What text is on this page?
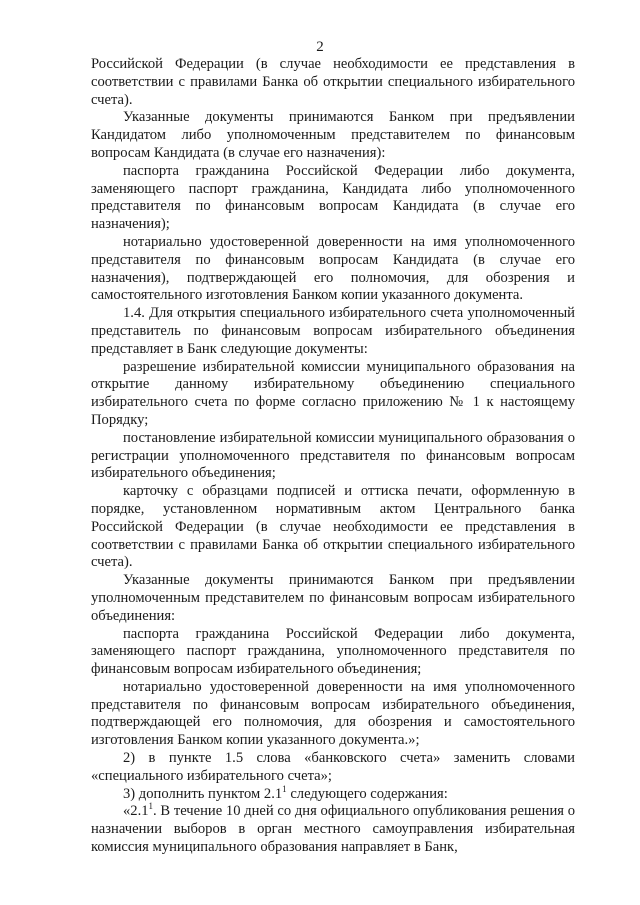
2

Российской Федерации (в случае необходимости ее представления в соответствии с правилами Банка об открытии специального избирательного счета).

Указанные документы принимаются Банком при предъявлении Кандидатом либо уполномоченным представителем по финансовым вопросам Кандидата (в случае его назначения):

паспорта гражданина Российской Федерации либо документа, заменяющего паспорт гражданина, Кандидата либо уполномоченного представителя по финансовым вопросам Кандидата (в случае его назначения);

нотариально удостоверенной доверенности на имя уполномоченного представителя по финансовым вопросам Кандидата (в случае его назначения), подтверждающей его полномочия, для обозрения и самостоятельного изготовления Банком копии указанного документа.

1.4. Для открытия специального избирательного счета уполномоченный представитель по финансовым вопросам избирательного объединения представляет в Банк следующие документы:

разрешение избирательной комиссии муниципального образования на открытие данному избирательному объединению специального избирательного счета по форме согласно приложению № 1 к настоящему Порядку;

постановление избирательной комиссии муниципального образования о регистрации уполномоченного представителя по финансовым вопросам избирательного объединения;

карточку с образцами подписей и оттиска печати, оформленную в порядке, установленном нормативным актом Центрального банка Российской Федерации (в случае необходимости ее представления в соответствии с правилами Банка об открытии специального избирательного счета).

Указанные документы принимаются Банком при предъявлении уполномоченным представителем по финансовым вопросам избирательного объединения:

паспорта гражданина Российской Федерации либо документа, заменяющего паспорт гражданина, уполномоченного представителя по финансовым вопросам избирательного объединения;

нотариально удостоверенной доверенности на имя уполномоченного представителя по финансовым вопросам избирательного объединения, подтверждающей его полномочия, для обозрения и самостоятельного изготовления Банком копии указанного документа.»;

2) в пункте 1.5 слова «банковского счета» заменить словами «специального избирательного счета»;

3) дополнить пунктом $2.1^1$ следующего содержания:

«$2.1^1$. В течение 10 дней со дня официального опубликования решения о назначении выборов в орган местного самоуправления избирательная комиссия муниципального образования направляет в Банк,
